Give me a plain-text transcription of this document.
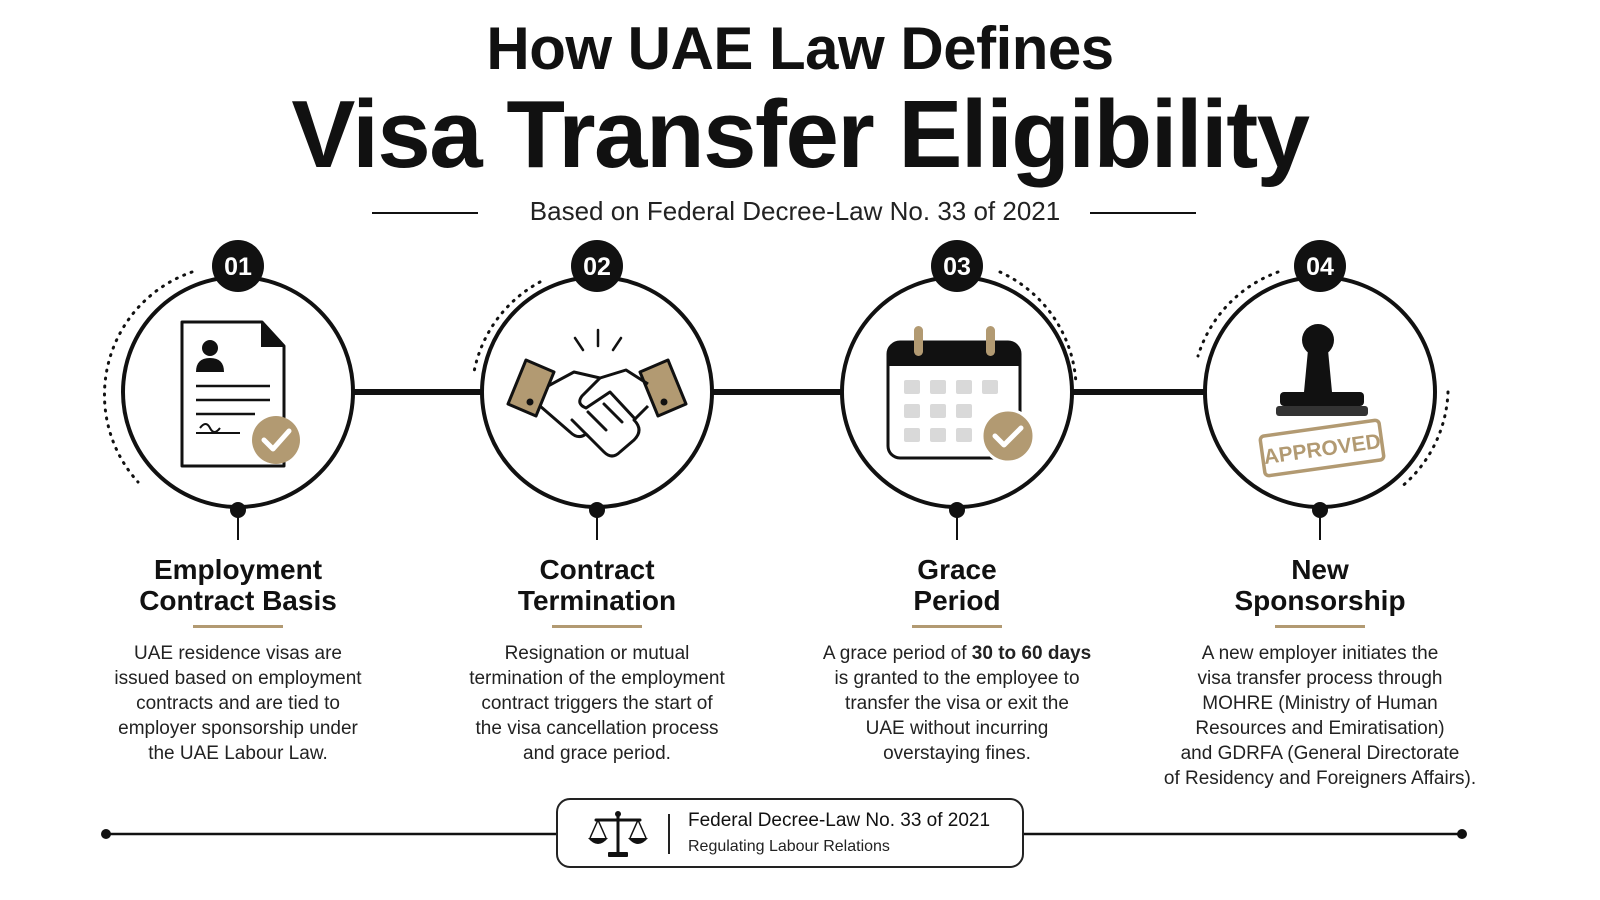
How UAE Law Defines
Visa Transfer Eligibility
Based on Federal Decree-Law No. 33 of 2021
01	02	03	04
APPROVED
Employment
Contract Basis
UAE residence visas are
issued based on employment
contracts and are tied to
employer sponsorship under
the UAE Labour Law.
Contract
Termination
Resignation or mutual
termination of the employment
contract triggers the start of
the visa cancellation process
and grace period.
Grace
Period
A grace period of 30 to 60 days
is granted to the employee to
transfer the visa or exit the
UAE without incurring
overstaying fines.
New
Sponsorship
A new employer initiates the
visa transfer process through
MOHRE (Ministry of Human
Resources and Emiratisation)
and GDRFA (General Directorate
of Residency and Foreigners Affairs).
Federal Decree-Law No. 33 of 2021
Regulating Labour Relations
